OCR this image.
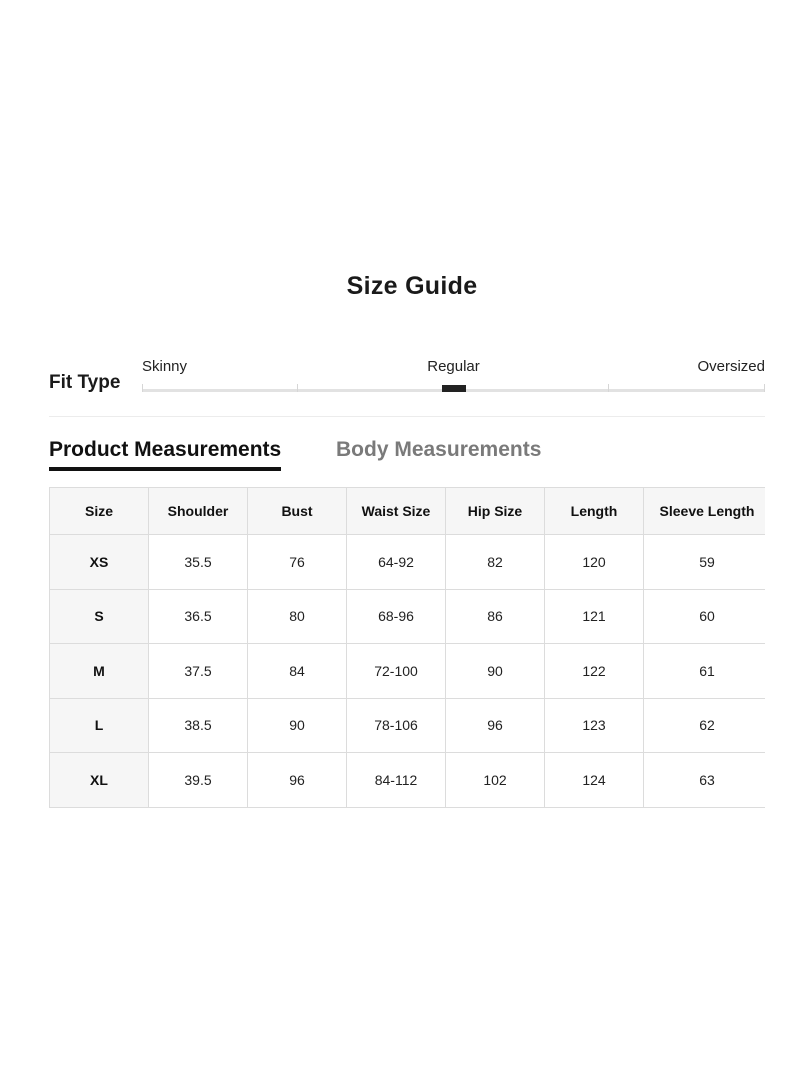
Size Guide
Fit Type
Skinny	Regular	Oversized
Product Measurements	Body Measurements
Size	Shoulder	Bust	Waist Size	Hip Size	Length	Sleeve Length	
XS	35.5	76	64-92	82	120	59	
S	36.5	80	68-96	86	121	60	
M	37.5	84	72-100	90	122	61	
L	38.5	90	78-106	96	123	62	
XL	39.5	96	84-112	102	124	63	
